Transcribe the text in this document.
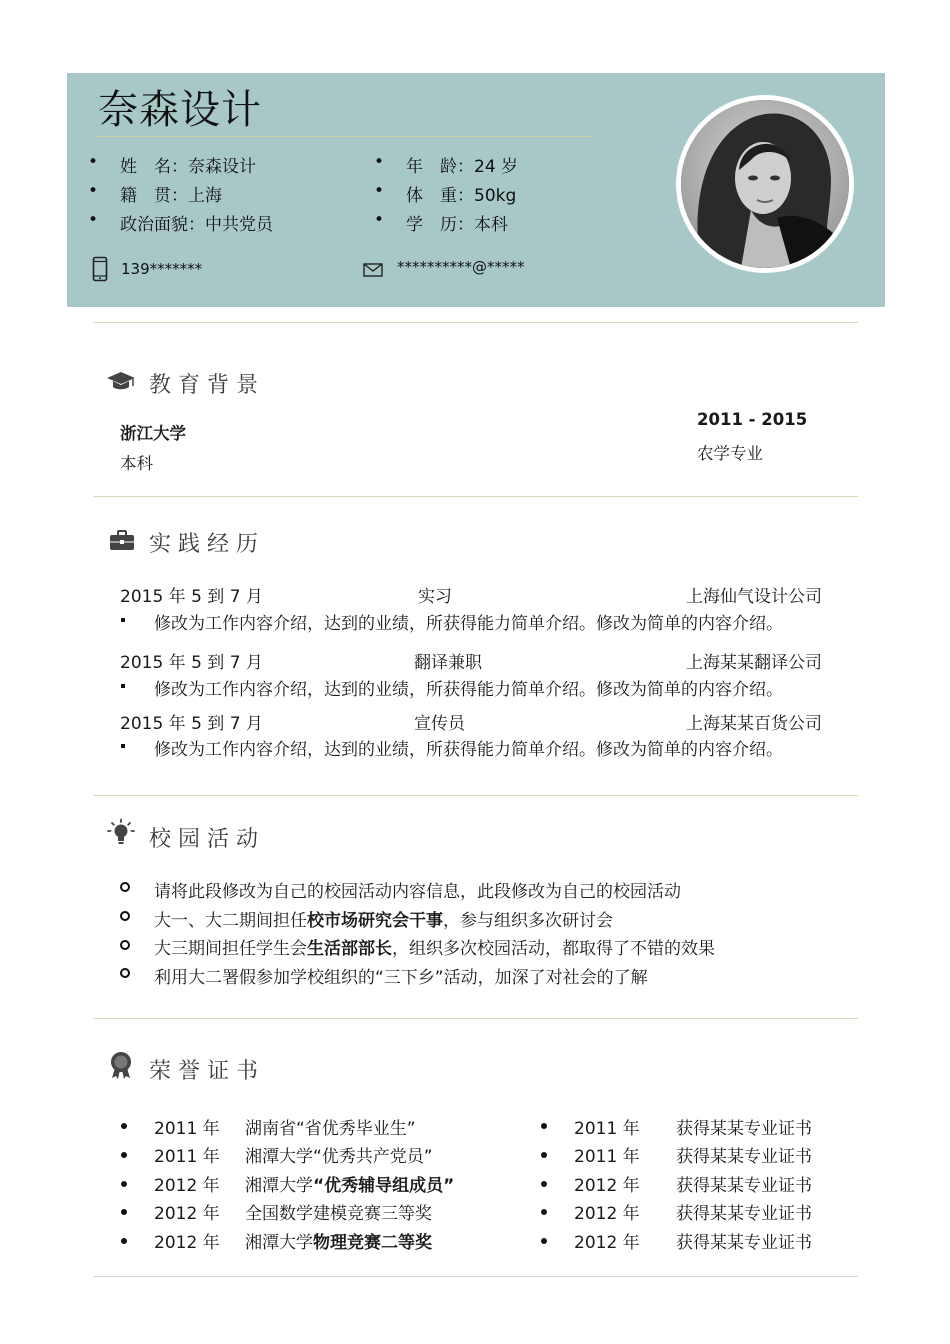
奈森设计
• 姓　名：奈森设计
• 籍　贯：上海
• 政治面貌：中共党员
• 年　龄：24 岁
• 体　重：50kg
• 学　历：本科
139*******	**********@*****
教育背景
浙江大学
本科
2011 - 2015
农学专业
实践经历
2015 年 5 到 7 月	实习	上海仙气设计公司
修改为工作内容介绍，达到的业绩，所获得能力简单介绍。修改为简单的内容介绍。
2015 年 5 到 7 月	翻译兼职	上海某某翻译公司
修改为工作内容介绍，达到的业绩，所获得能力简单介绍。修改为简单的内容介绍。
2015 年 5 到 7 月	宣传员	上海某某百货公司
修改为工作内容介绍，达到的业绩，所获得能力简单介绍。修改为简单的内容介绍。
校园活动
请将此段修改为自己的校园活动内容信息，此段修改为自己的校园活动
大一、大二期间担任校市场研究会干事，参与组织多次研讨会
大三期间担任学生会生活部部长，组织多次校园活动，都取得了不错的效果
利用大二署假参加学校组织的“三下乡”活动，加深了对社会的了解
荣誉证书
2011 年 湖南省“省优秀毕业生”
2011 年 湘潭大学“优秀共产党员”
2012 年 湘潭大学“优秀辅导组成员”
2012 年 全国数学建模竞赛三等奖
2012 年 湘潭大学物理竞赛二等奖
2011 年 获得某某专业证书
2011 年 获得某某专业证书
2012 年 获得某某专业证书
2012 年 获得某某专业证书
2012 年 获得某某专业证书
